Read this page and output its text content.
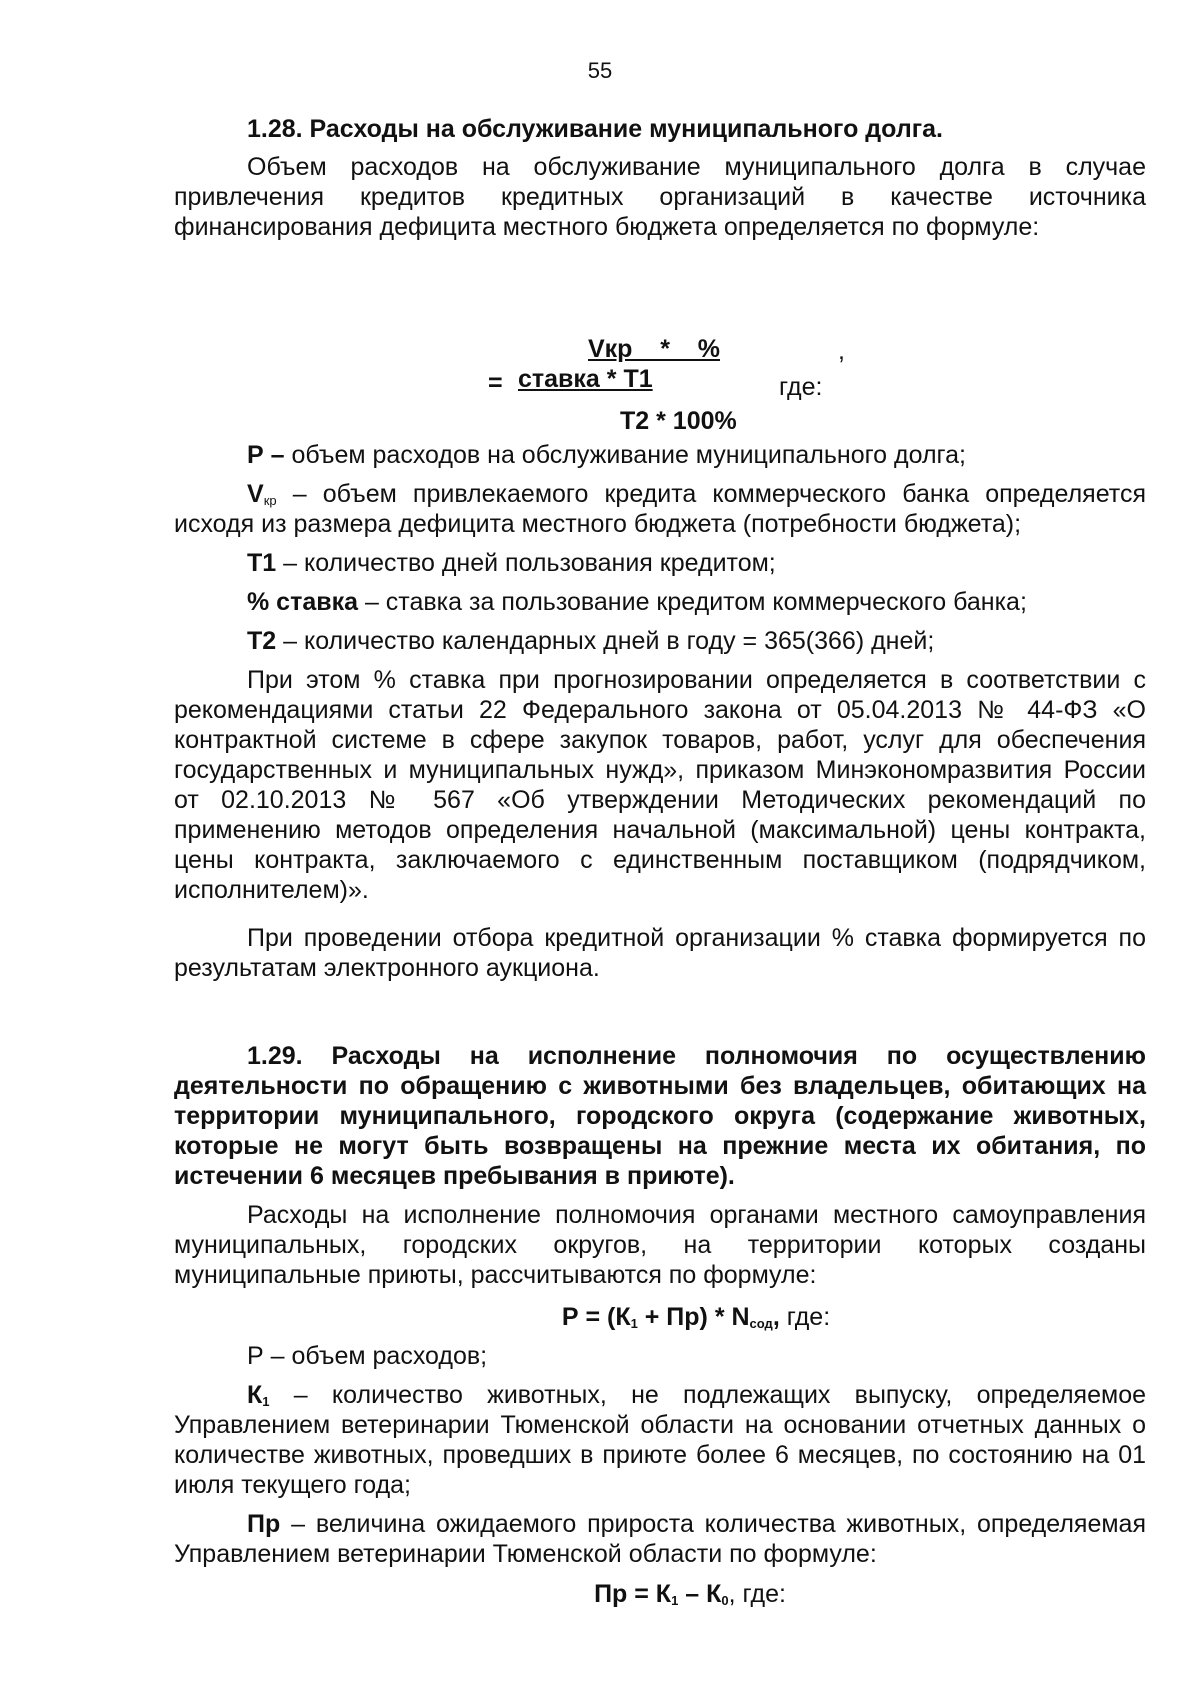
55

1.28. Расходы на обслуживание муниципального долга.

Объем расходов на обслуживание муниципального долга в случае привлечения кредитов кредитных организаций в качестве источника финансирования дефицита местного бюджета определяется по формуле:

Vкр    *    %	,
= ставка * Т1	где:
Т2 * 100%

Р – объем расходов на обслуживание муниципального долга;

$V_{кр}$ – объем привлекаемого кредита коммерческого банка определяется исходя из размера дефицита местного бюджета (потребности бюджета);

Т1 – количество дней пользования кредитом;

% ставка – ставка за пользование кредитом коммерческого банка;

Т2 – количество календарных дней в году = 365(366) дней;

При этом % ставка при прогнозировании определяется в соответствии с рекомендациями статьи 22 Федерального закона от 05.04.2013 № 44-ФЗ «О контрактной системе в сфере закупок товаров, работ, услуг для обеспечения государственных и муниципальных нужд», приказом Минэкономразвития России от 02.10.2013 № 567 «Об утверждении Методических рекомендаций по применению методов определения начальной (максимальной) цены контракта, цены контракта, заключаемого с единственным поставщиком (подрядчиком, исполнителем)».

При проведении отбора кредитной организации % ставка формируется по результатам электронного аукциона.

1.29. Расходы на исполнение полномочия по осуществлению деятельности по обращению с животными без владельцев, обитающих на территории муниципального, городского округа (содержание животных, которые не могут быть возвращены на прежние места их обитания, по истечении 6 месяцев пребывания в приюте).

Расходы на исполнение полномочия органами местного самоуправления муниципальных, городских округов, на территории которых созданы муниципальные приюты, рассчитываются по формуле:

$Р = (К_1 + Пр) * N_{сод}$, где:

Р – объем расходов;

$К_1$ – количество животных, не подлежащих выпуску, определяемое Управлением ветеринарии Тюменской области на основании отчетных данных о количестве животных, проведших в приюте более 6 месяцев, по состоянию на 01 июля текущего года;

Пр – величина ожидаемого прироста количества животных, определяемая Управлением ветеринарии Тюменской области по формуле:

Пр = $К_1 - К_0$, где:
